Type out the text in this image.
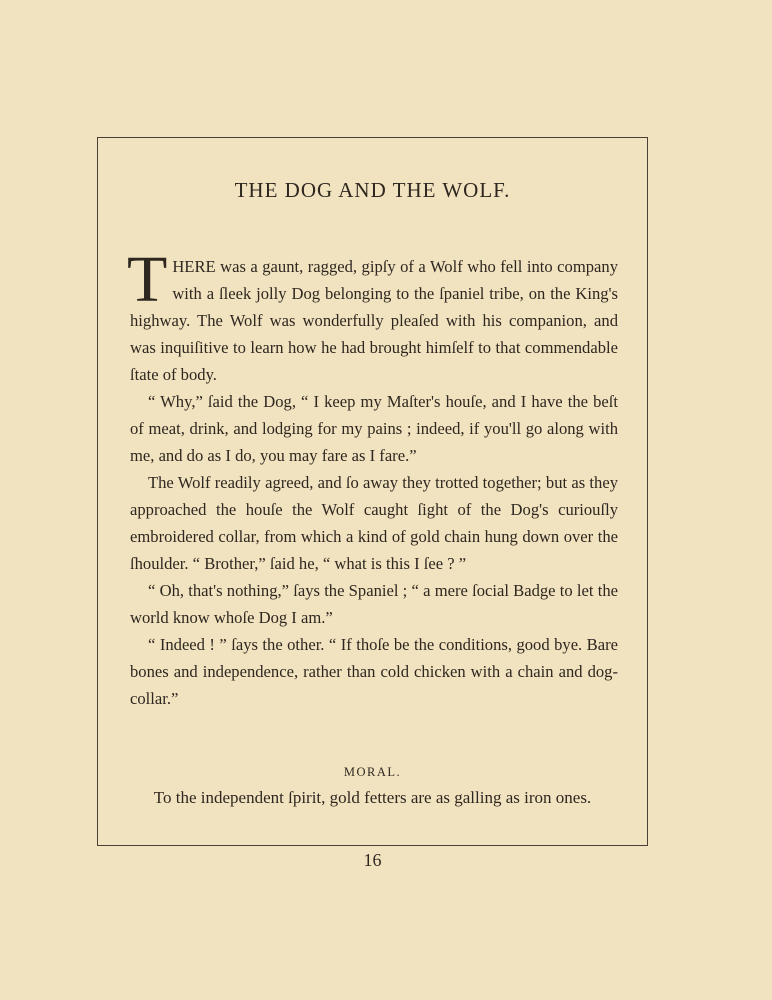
THE DOG AND THE WOLF.

THERE was a gaunt, ragged, gipſy of a Wolf who fell into company with a ſleek jolly Dog belonging to the ſpaniel tribe, on the King's highway. The Wolf was wonderfully pleaſed with his companion, and was inquiſitive to learn how he had brought himſelf to that commendable ſtate of body.

“ Why,” ſaid the Dog, “ I keep my Maſter's houſe, and I have the beſt of meat, drink, and lodging for my pains ; indeed, if you'll go along with me, and do as I do, you may fare as I fare.”

The Wolf readily agreed, and ſo away they trotted together; but as they approached the houſe the Wolf caught ſight of the Dog's curiouſly embroidered collar, from which a kind of gold chain hung down over the ſhoulder. “ Brother,” ſaid he, “ what is this I ſee ? ”

“ Oh, that's nothing,” ſays the Spaniel ; “ a mere ſocial Badge to let the world know whoſe Dog I am.”

“ Indeed ! ” ſays the other. “ If thoſe be the conditions, good bye. Bare bones and independence, rather than cold chicken with a chain and dog-collar.”

MORAL.

To the independent ſpirit, gold fetters are as galling as iron ones.

16
